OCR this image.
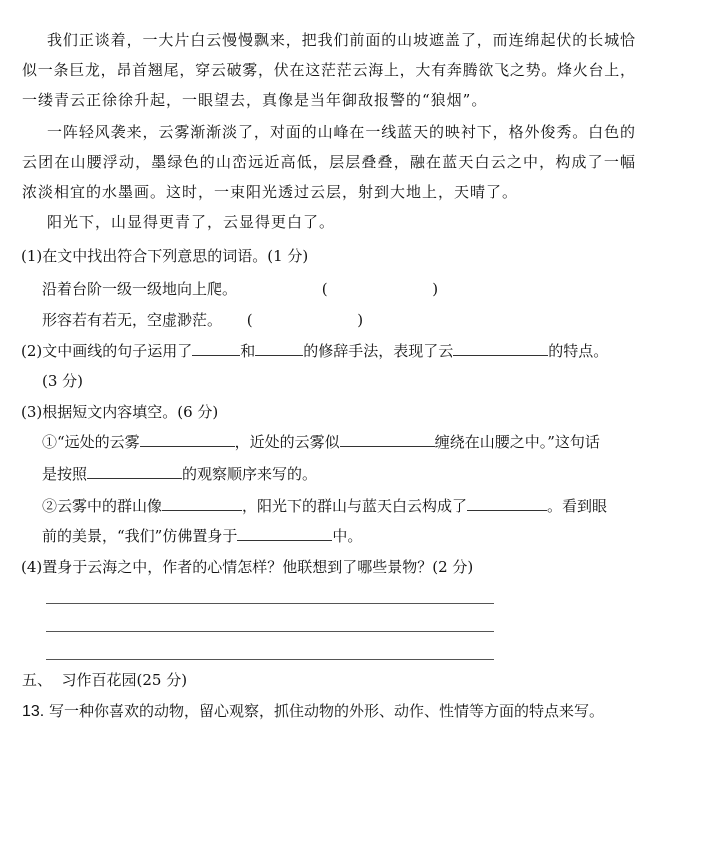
我们正谈着，一大片白云慢慢飘来，把我们前面的山坡遮盖了，而连绵起伏的长城恰
似一条巨龙，昂首翘尾，穿云破雾，伏在这茫茫云海上，大有奔腾欲飞之势。烽火台上，
一缕青云正徐徐升起，一眼望去，真像是当年御敌报警的“狼烟”。
一阵轻风袭来，云雾渐渐淡了，对面的山峰在一线蓝天的映衬下，格外俊秀。白色的
云团在山腰浮动，墨绿色的山峦远近高低，层层叠叠，融在蓝天白云之中，构成了一幅
浓淡相宜的水墨画。这时，一束阳光透过云层，射到大地上，天晴了。
阳光下，山显得更青了，云显得更白了。
(1)在文中找出符合下列意思的词语。(1 分)
沿着台阶一级一级地向上爬。	(	)
形容若有若无，空虚渺茫。 (	)
(2)文中画线的句子运用了	和	的修辞手法，表现了云	的特点。
(3 分)
(3)根据短文内容填空。(6 分)
①“远处的云雾	，近处的云雾似	缠绕在山腰之中。”这句话
是按照	的观察顺序来写的。
②云雾中的群山像	，阳光下的群山与蓝天白云构成了	。看到眼
前的美景，“我们”仿佛置身于	中。
(4)置身于云海之中，作者的心情怎样？他联想到了哪些景物？(2 分)
五、  习作百花园(25 分)
13. 写一种你喜欢的动物，留心观察，抓住动物的外形、动作、性情等方面的特点来写。
